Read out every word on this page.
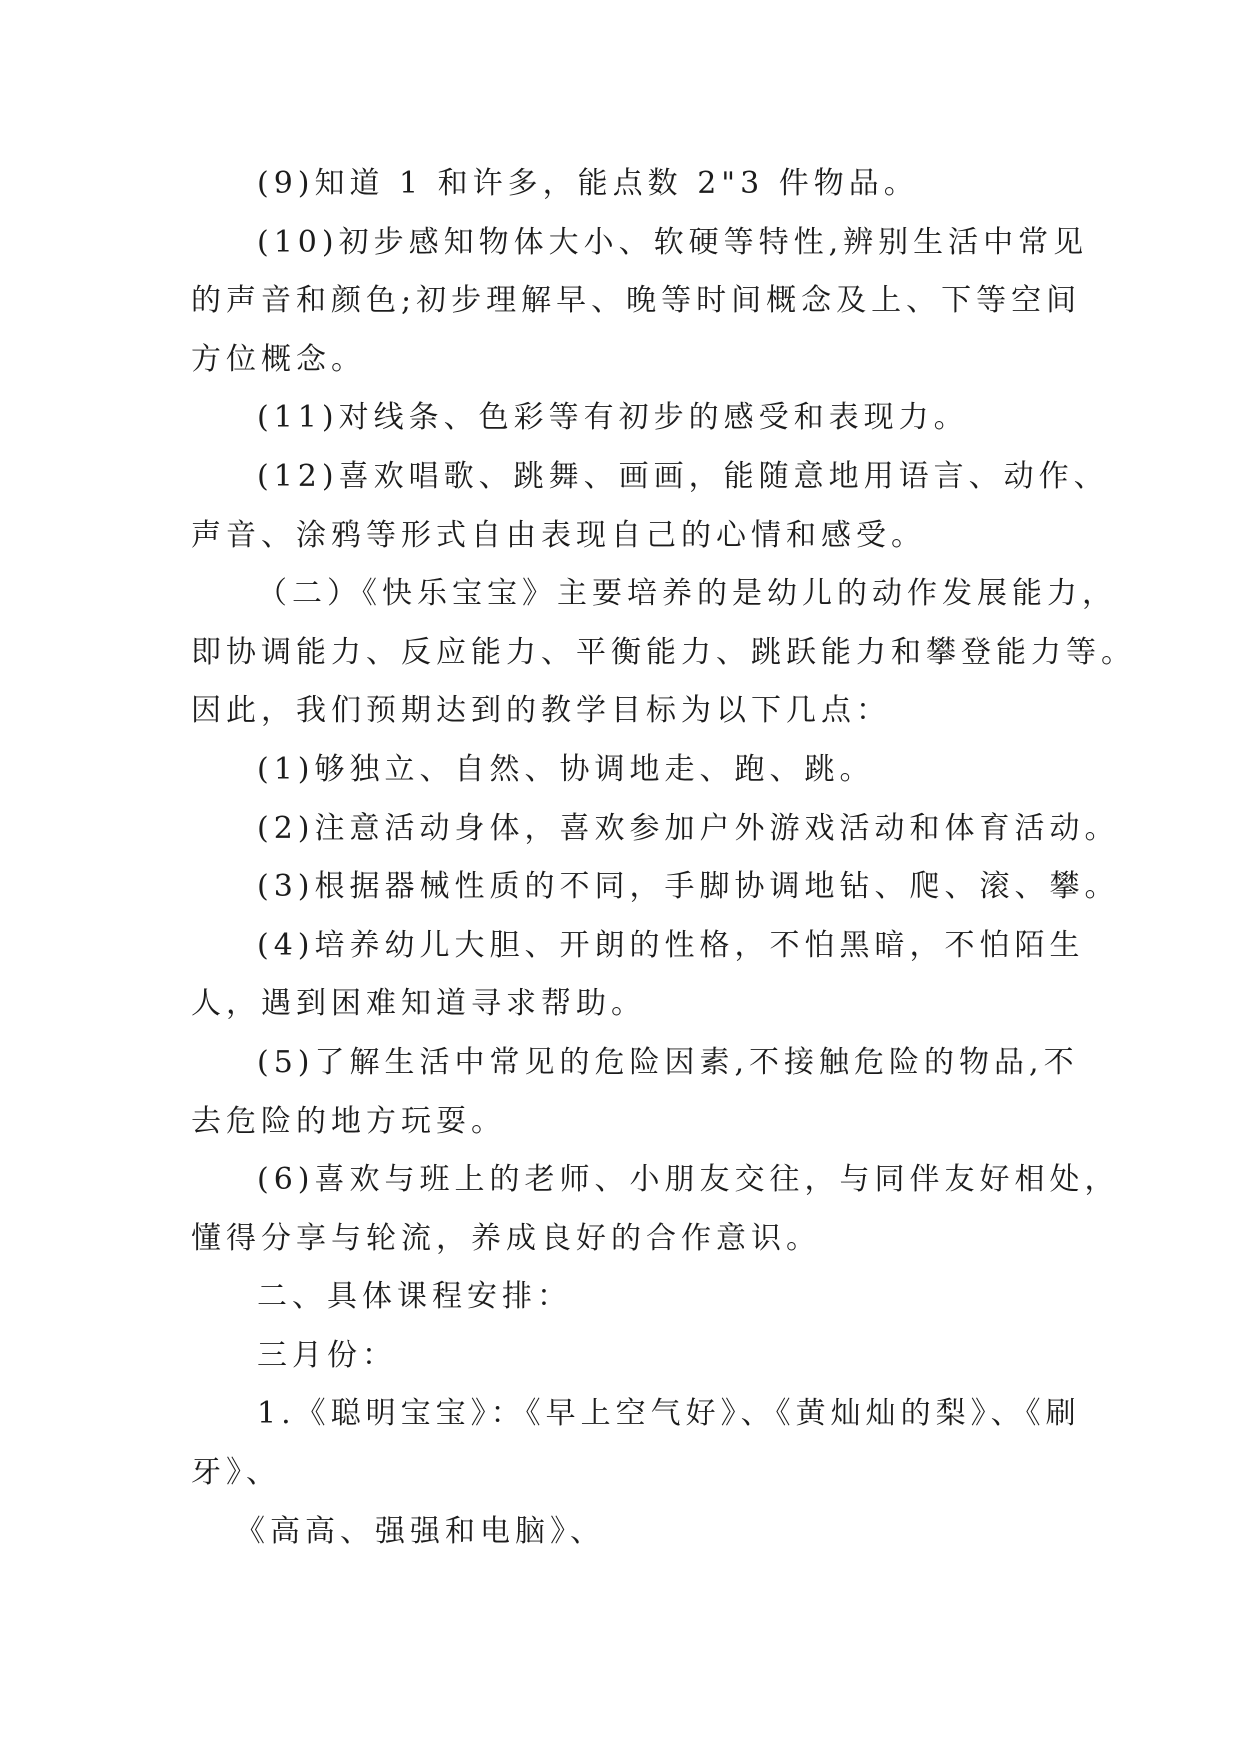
(9)知道 1 和许多，能点数 2"3 件物品。

(10)初步感知物体大小、软硬等特性,辨别生活中常见

的声音和颜色;初步理解早、晚等时间概念及上、下等空间

方位概念。

(11)对线条、色彩等有初步的感受和表现力。

(12)喜欢唱歌、跳舞、画画，能随意地用语言、动作、

声音、涂鸦等形式自由表现自己的心情和感受。

（二）《快乐宝宝》主要培养的是幼儿的动作发展能力，

即协调能力、反应能力、平衡能力、跳跃能力和攀登能力等。

因此，我们预期达到的教学目标为以下几点：

(1)够独立、自然、协调地走、跑、跳。

(2)注意活动身体，喜欢参加户外游戏活动和体育活动。

(3)根据器械性质的不同，手脚协调地钻、爬、滚、攀。

(4)培养幼儿大胆、开朗的性格，不怕黑暗，不怕陌生

人，遇到困难知道寻求帮助。

(5)了解生活中常见的危险因素,不接触危险的物品,不

去危险的地方玩耍。

(6)喜欢与班上的老师、小朋友交往，与同伴友好相处，

懂得分享与轮流，养成良好的合作意识。

二、具体课程安排：

三月份：

1.《聪明宝宝》：《早上空气好》、《黄灿灿的梨》、《刷

牙》、

《高高、强强和电脑》、
